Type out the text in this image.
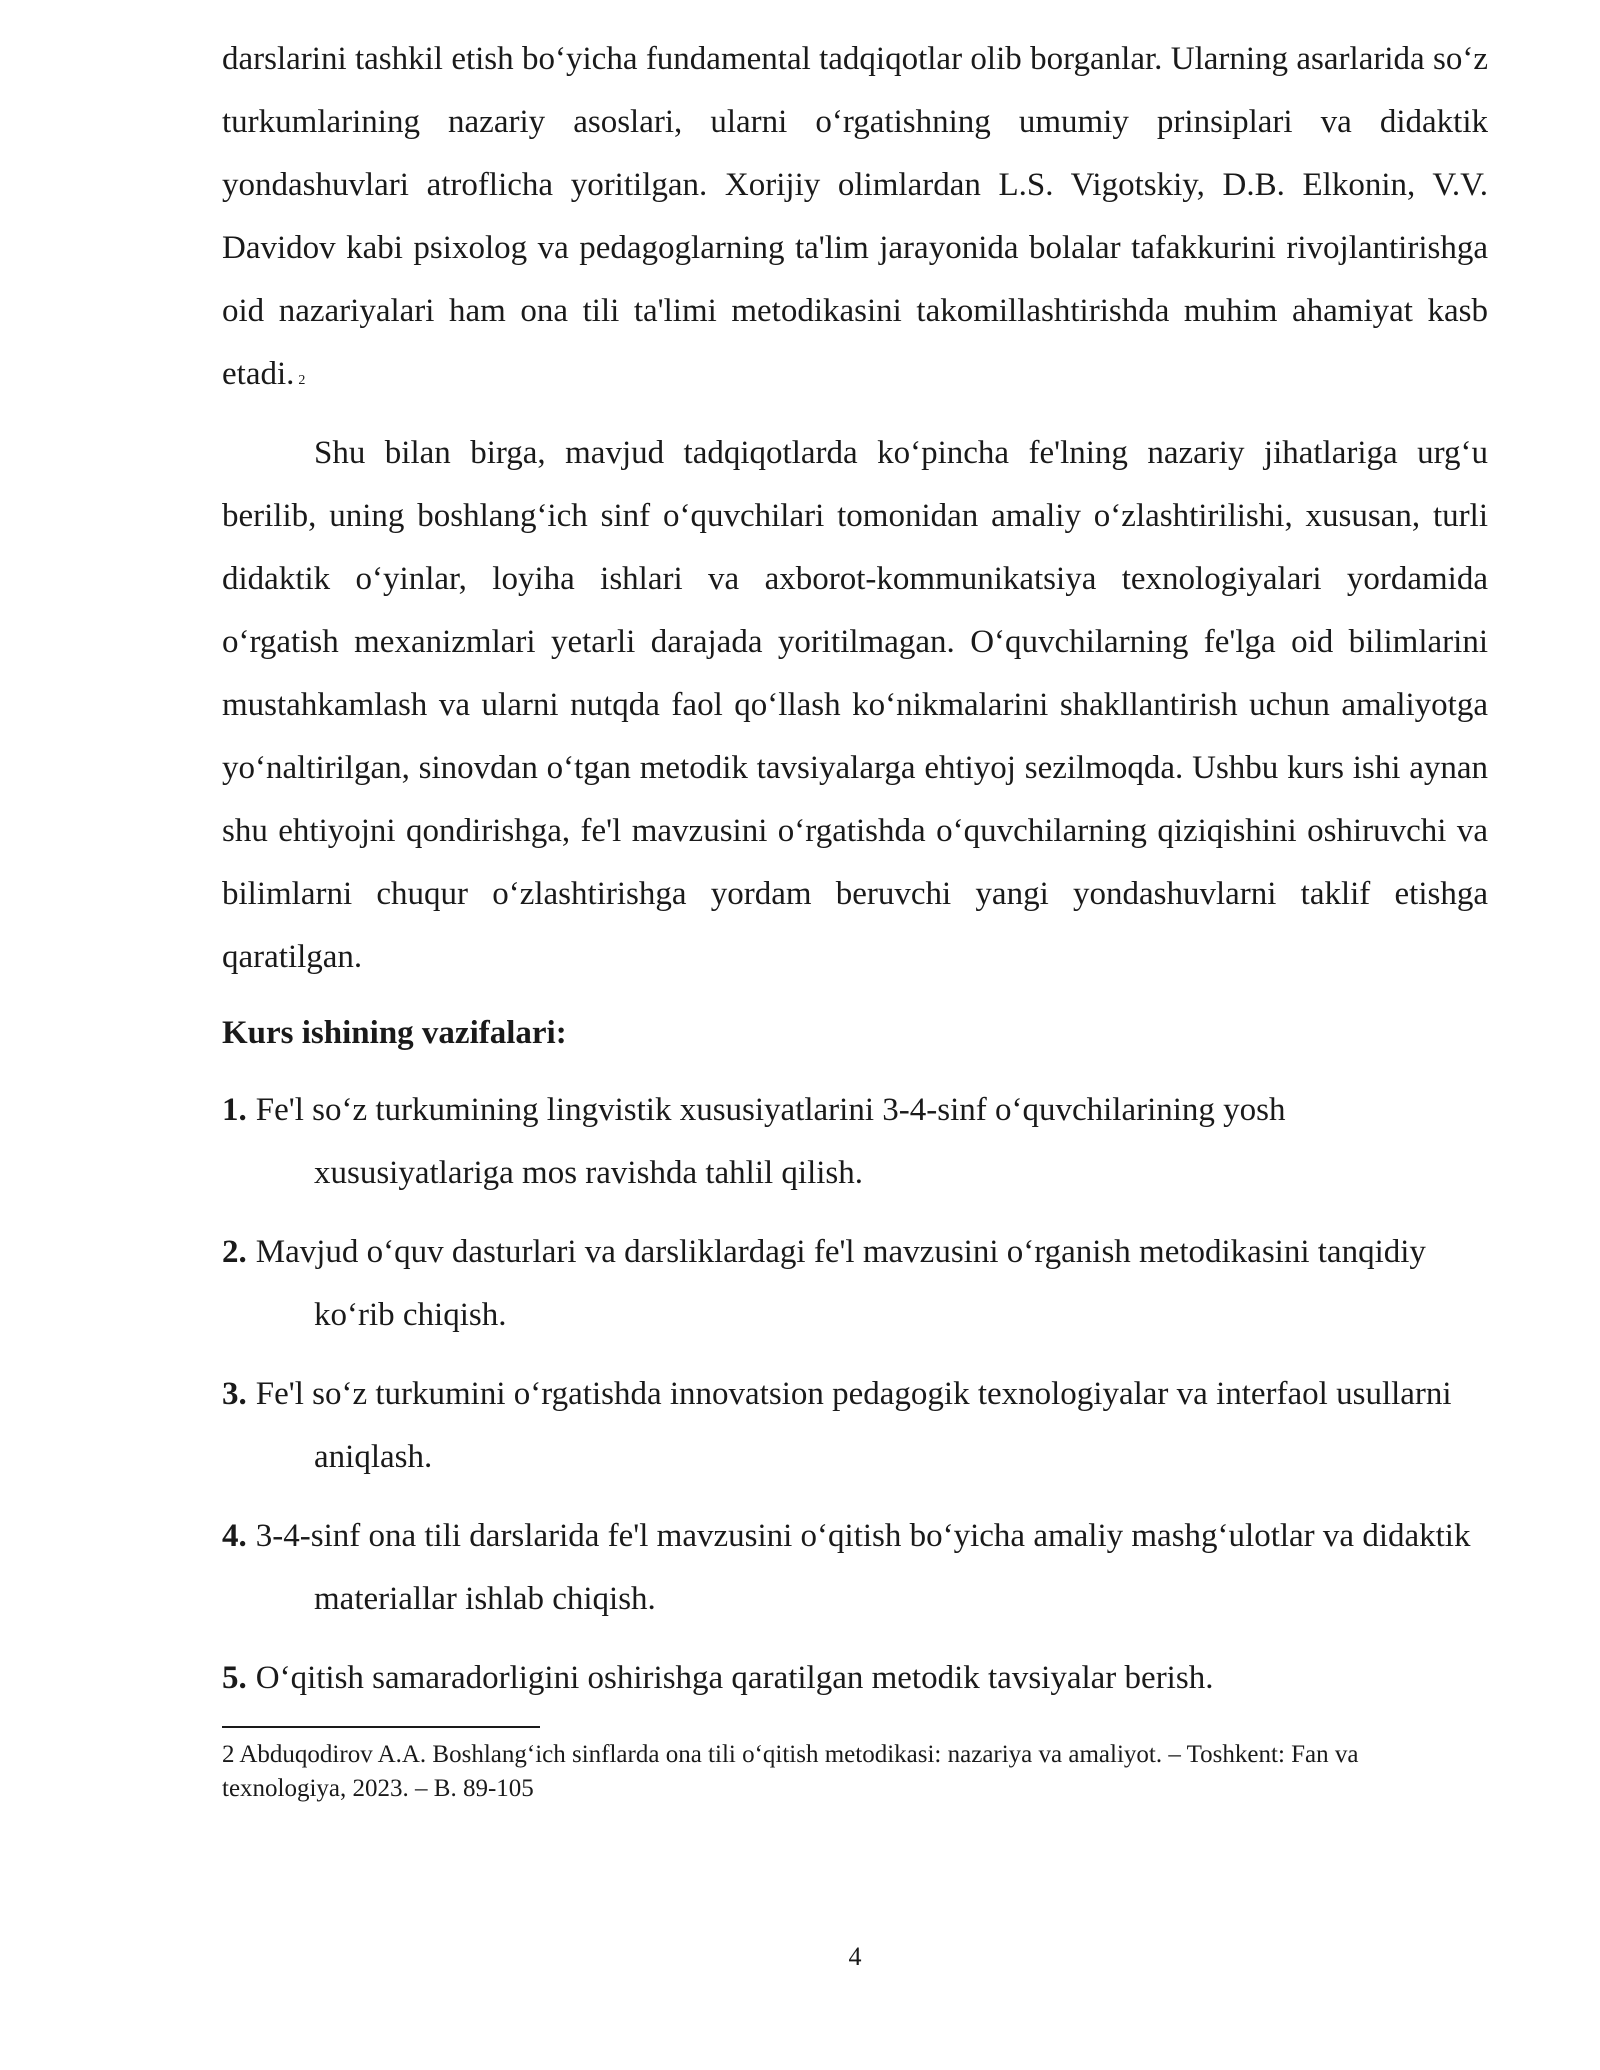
darslarini tashkil etish bo‘yicha fundamental tadqiqotlar olib borganlar. Ularning asarlarida so‘z turkumlarining nazariy asoslari, ularni o‘rgatishning umumiy prinsiplari va didaktik yondashuvlari atroflicha yoritilgan. Xorijiy olimlardan L.S. Vigotskiy, D.B. Elkonin, V.V. Davidov kabi psixolog va pedagoglarning ta'lim jarayonida bolalar tafakkurini rivojlantirishga oid nazariyalari ham ona tili ta'limi metodikasini takomillashtirishda muhim ahamiyat kasb etadi. $^2$

Shu bilan birga, mavjud tadqiqotlarda ko‘pincha fe'lning nazariy jihatlariga urg‘u berilib, uning boshlang‘ich sinf o‘quvchilari tomonidan amaliy o‘zlashtirilishi, xususan, turli didaktik o‘yinlar, loyiha ishlari va axborot-kommunikatsiya texnologiyalari yordamida o‘rgatish mexanizmlari yetarli darajada yoritilmagan. O‘quvchilarning fe'lga oid bilimlarini mustahkamlash va ularni nutqda faol qo‘llash ko‘nikmalarini shakllantirish uchun amaliyotga yo‘naltirilgan, sinovdan o‘tgan metodik tavsiyalarga ehtiyoj sezilmoqda. Ushbu kurs ishi aynan shu ehtiyojni qondirishga, fe'l mavzusini o‘rgatishda o‘quvchilarning qiziqishini oshiruvchi va bilimlarni chuqur o‘zlashtirishga yordam beruvchi yangi yondashuvlarni taklif etishga qaratilgan.

Kurs ishining vazifalari:
1. Fe'l so‘z turkumining lingvistik xususiyatlarini 3-4-sinf o‘quvchilarining yosh xususiyatlariga mos ravishda tahlil qilish.
2. Mavjud o‘quv dasturlari va darsliklardagi fe'l mavzusini o‘rganish metodikasini tanqidiy ko‘rib chiqish.
3. Fe'l so‘z turkumini o‘rgatishda innovatsion pedagogik texnologiyalar va interfaol usullarni aniqlash.
4. 3-4-sinf ona tili darslarida fe'l mavzusini o‘qitish bo‘yicha amaliy mashg‘ulotlar va didaktik materiallar ishlab chiqish.
5. O‘qitish samaradorligini oshirishga qaratilgan metodik tavsiyalar berish.

2 Abduqodirov A.A. Boshlang‘ich sinflarda ona tili o‘qitish metodikasi: nazariya va amaliyot. – Toshkent: Fan va texnologiya, 2023. – B. 89-105

4
